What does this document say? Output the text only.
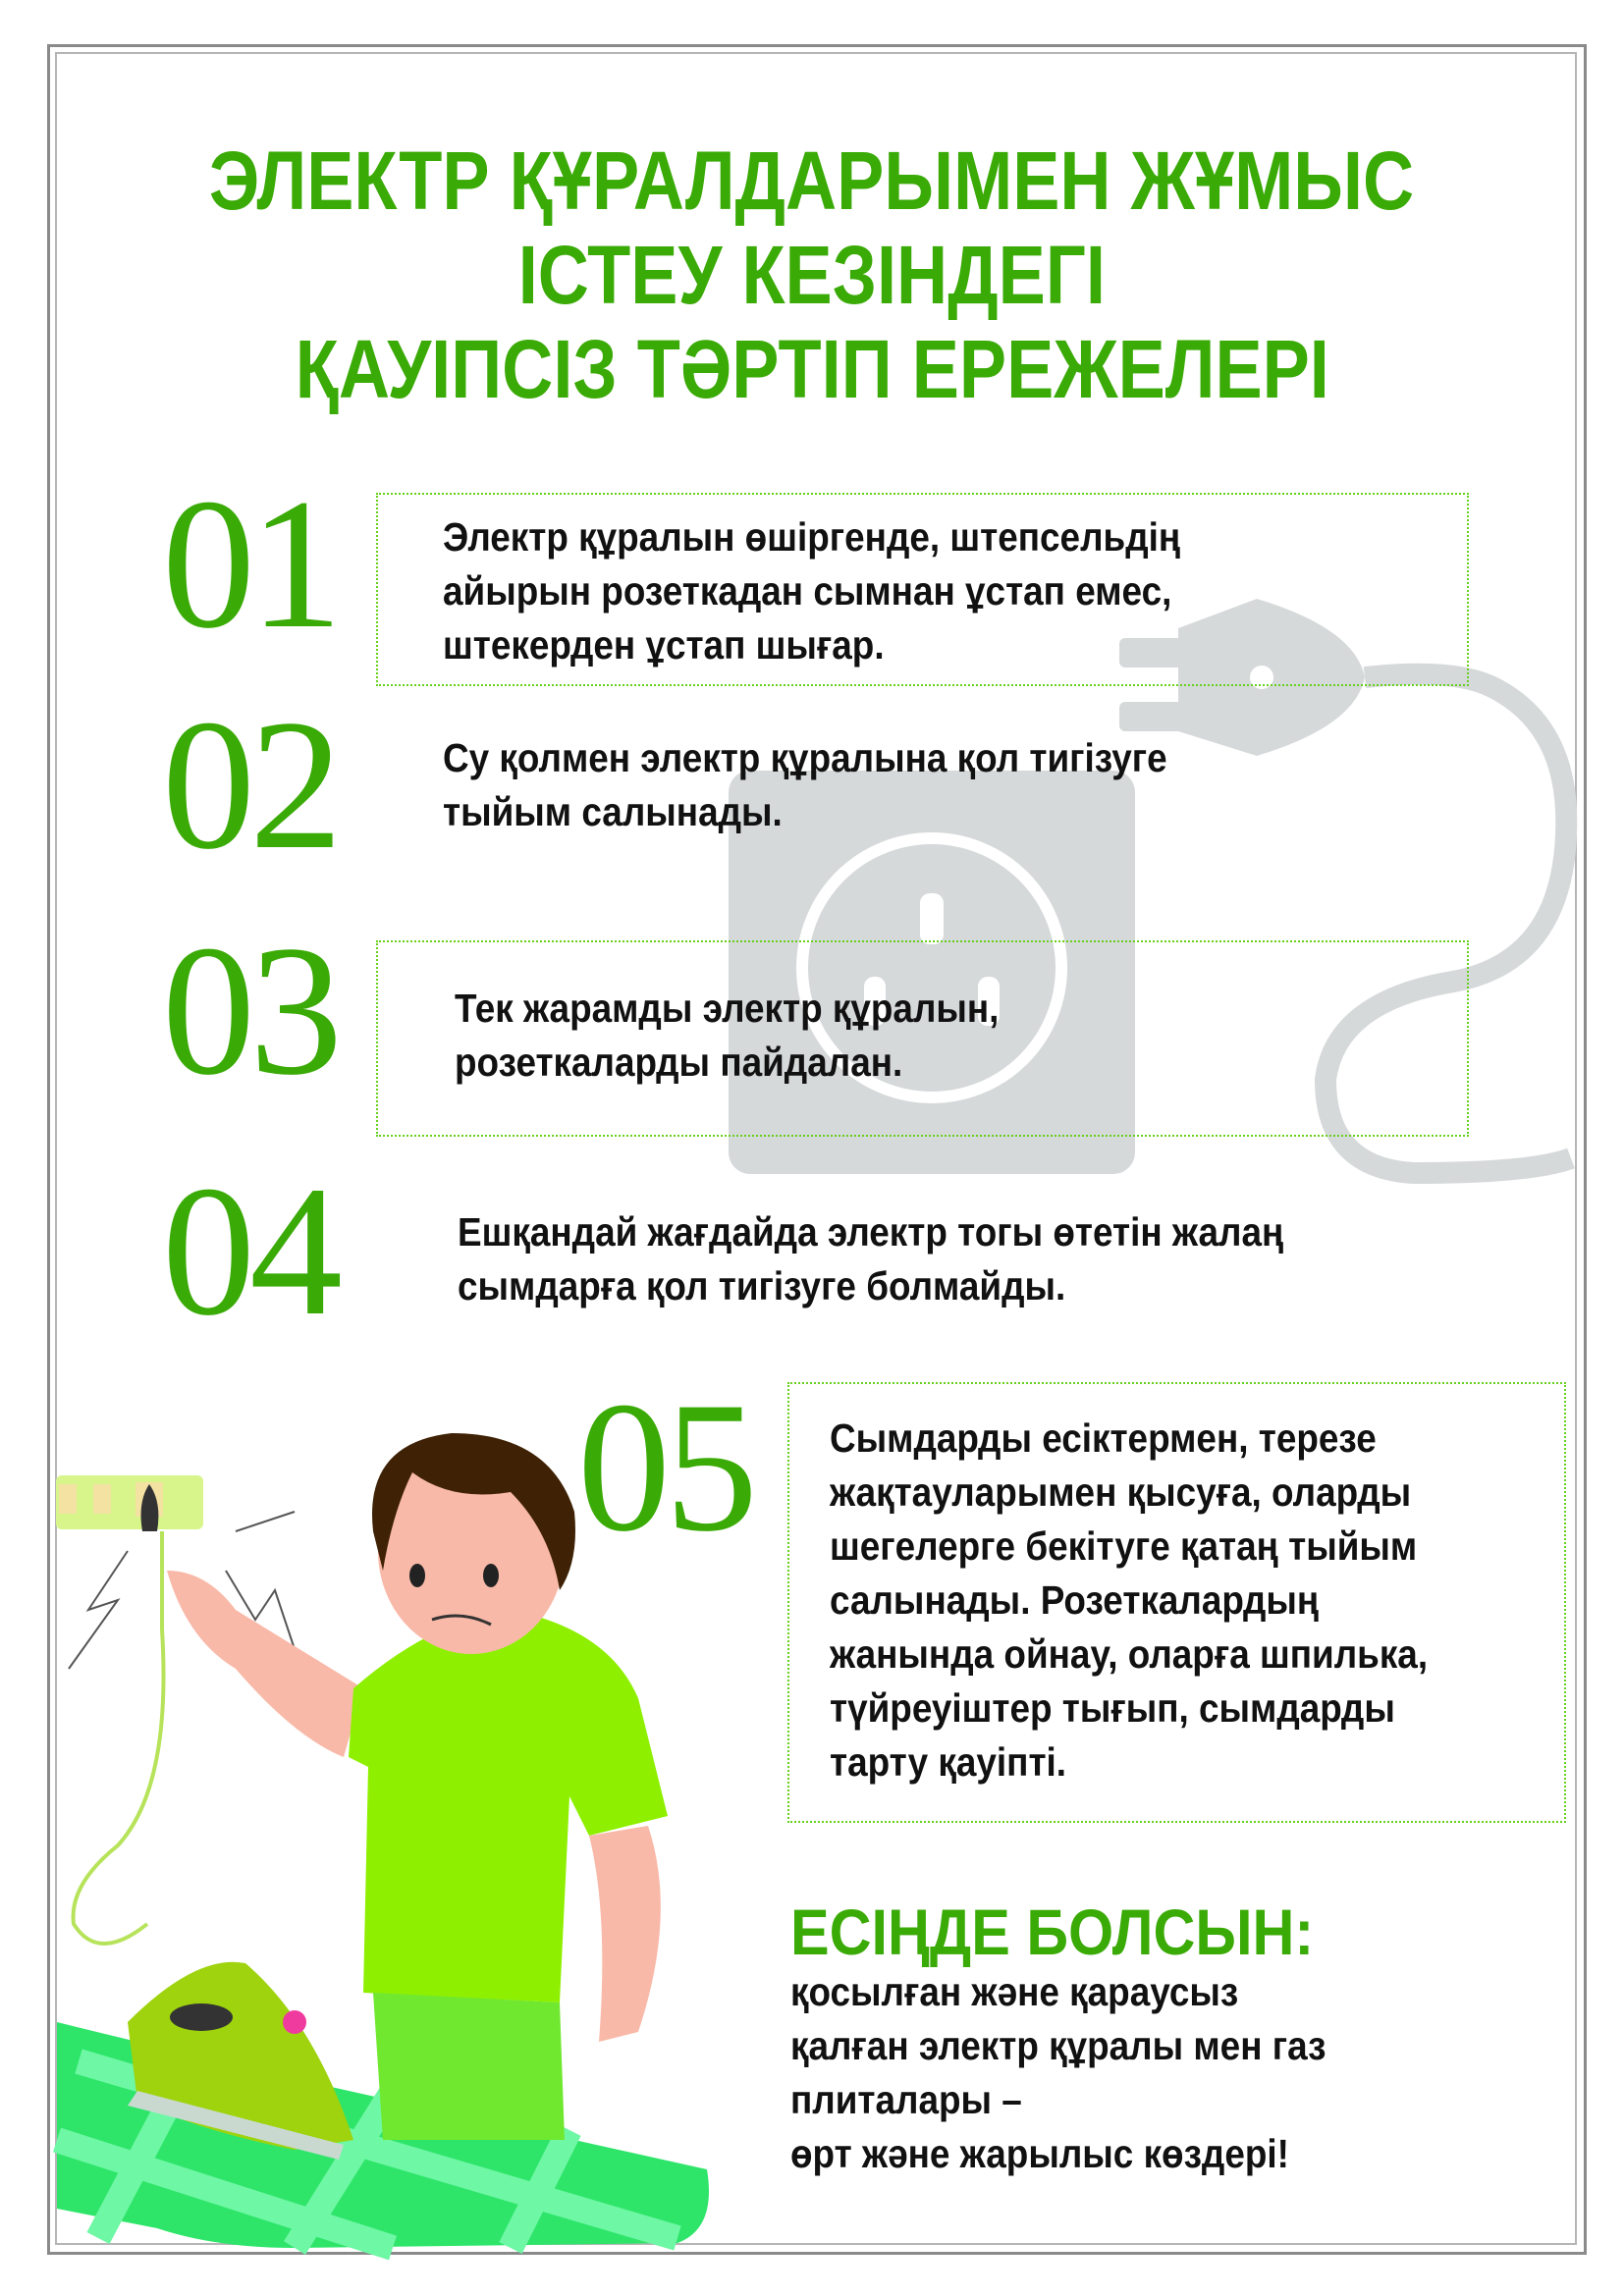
ЭЛЕКТР ҚҰРАЛДАРЫМЕН ЖҰМЫС
ІСТЕУ КЕЗІНДЕГІ
ҚАУІПСІЗ ТӘРТІП ЕРЕЖЕЛЕРІ
01	Электр құралын өшіргенде, штепсельдің
айырын розеткадан сымнан ұстап емес,
штекерден ұстап шығар.
02	Су қолмен электр құралына қол тигізуге
тыйым салынады.
03	Тек жарамды электр құралын,
розеткаларды пайдалан.
04	Ешқандай жағдайда электр тогы өтетін жалаң
сымдарға қол тигізуге болмайды.
05 Сымдарды есіктермен, терезе
жақтауларымен қысуға, оларды
шегелерге бекітуге қатаң тыйым
салынады. Розеткалардың
жанында ойнау, оларға шпилька,
түйреуіштер тығып, сымдарды
тарту қауіпті.
ЕСІҢДЕ БОЛСЫН:
қосылған және қараусыз
қалған электр құралы мен газ
плиталары –
өрт және жарылыс көздері!
